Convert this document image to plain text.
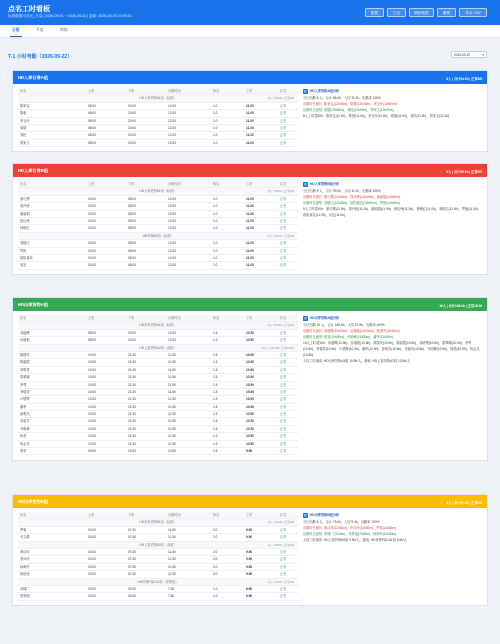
点名工时看板
标准数据可导出_分量 | 2026-09-01 ~ 2026-09-22 | 更新: 2026-09-23 10:00:21
配置	日志	刷新数据	撤销	导出 CSV
日班	月度	明细
T-1 小时考勤（2026-09-22）	2026-09-22	▾
HD入库日常A组	8人 | 合计94.0h | 正常8/8
姓名	上班	下班	出勤时间	休息	工时	状态
HD入库货物A1组（标准）	6人 | 66.0h | 正常6/6
陈家宝	08:00	20:00	12.00	1.0	11.00	正常
陈豪	08:00	20:00	12.00	1.0	11.00	正常
李玉叶	08:00	20:00	12.00	1.0	11.00	正常
梁德	08:00	20:00	12.00	1.0	11.00	正常
刘民	08:00	20:00	12.00	1.0	11.00	正常
郑家文	08:00	20:00	12.00	1.0	11.00	正常
▥ HD入库货物A组分析
当日出勤 8 人，合计 66.0h，人均 11.0h，出勤率 100%
出勤时长最长: 陈家宝(12h00m)、陈豪(12h00m)、李玉叶(12h00m)
出勤时长最短: 梁德(12h00m)、刘民(12h00m)、郑家文(12h00m)
8人工时超10h：陈家宝(11.0h)、陈豪(11.0h)、李玉叶(11.0h)、梁德(11.0h)、刘民(11.0h)、郑家文(11.0h)
HD入库日常B组	9人 | 合计99.0h | 正常9/9
姓名	上班	下班	出勤时间	休息	工时	状态
HD入库货物B1组（标准）	5人 | 55.0h | 正常5/5
夏巧慧	20:00	08:00	12.00	1.0	11.00	正常
周丹婷	20:00	08:00	12.00	1.0	11.00	正常
谢丽娟	20:00	08:00	12.00	1.0	11.00	正常
张佳炜	20:00	08:00	12.00	1.0	11.00	正常
钟峻红	20:00	08:00	12.00	1.0	11.00	正常
HD货物B2组（标准）	4人 | 44.0h | 正常4/4
刘德江	20:00	08:00	12.00	1.0	11.00	正常
罗艳	20:00	08:00	12.00	1.0	11.00	正常
欧阳嘉花	20:00	08:00	12.00	1.0	11.00	正常
吴宏	20:00	08:00	12.00	1.0	11.00	正常
▥ HD入库货物B组分析
当日出勤 9 人，合计 99.0h，人均 11.0h，出勤率 100%
出勤时长最长: 夏巧慧(12h00m)、周丹婷(12h00m)、谢丽娟(12h00m)
出勤时长最短: 刘德江(12h00m)、欧阳嘉花(12h00m)、罗艳(12h00m)
9人工时超10h：夏巧慧(11.0h)、周丹婷(11.0h)、谢丽娟(11.0h)、张佳炜(11.0h)、钟峻红(11.0h)、刘德江(11.0h)、罗艳(11.0h)、欧阳嘉花(11.0h)、吴宏(11.0h)
HD出库货物A组	16人 | 合计168.0h | 正常16/16
姓名	上班	下班	出勤时间	休息	工时	状态
HD出库货物A1组（标准）	2人 | 20.5h | 正常2/2
刘道辉	08:00	20:00	12.00	1.5	10.50	正常
孙瑞艳	08:00	20:00	12.00	1.5	10.50	正常
HD上架货物A2组（双班）	14人 | 147.5h | 正常14/14
陈国安	10:00	21:30	11.50	1.5	10.50	正常
陈丽霞	10:00	21:30	11.50	1.5	10.50	正常
邓明贤	10:00	21:30	11.50	1.5	10.50	正常
蒙翠娜	10:00	21:30	11.50	1.5	10.50	正常
李琴	10:00	21:30	11.50	1.5	10.50	正常
李德祥	10:00	21:30	11.50	1.5	10.50	正常
卢德辉	10:00	21:30	11.50	1.5	10.50	正常
潘军	10:00	21:30	11.50	1.5	10.50	正常
彭明杰	10:00	21:30	11.50	1.5	10.50	正常
宋丽芳	10:00	21:30	11.50	1.5	10.50	正常
韦明峰	10:00	21:30	11.50	1.5	10.50	正常
杨美	10:00	21:30	11.50	1.5	10.50	正常
杨金龙	10:00	21:30	11.50	1.5	10.50	正常
张宽	09:00	19:30	10.50	1.5	9.50	正常
▥ HD出库货物A组分析
当日出勤 16 人，合计 168.0h，人均 10.5h，出勤率 100%
出勤时长最长: 刘道辉(12h00m)、孙瑞艳(12h00m)、陈国安(11h30m)
出勤时长最短: 张宽(10h30m)、韦明峰(11h30m)、潘军(11h30m)
15人工时超10h：刘道辉(10.5h)、孙瑞艳(10.5h)、陈国安(10.5h)、陈丽霞(10.5h)、邓明贤(10.5h)、蒙翠娜(10.5h)、李琴(10.5h)、李德祥(10.5h)、卢德辉(10.5h)、潘军(10.5h)、彭明杰(10.5h)、宋丽芳(10.5h)、韦明峰(10.5h)、杨美(10.5h)、杨金龙(10.5h)
人均工时最高: HD出库货物A1组 10.5h/人，最低: HD上架货物A2组 10.5h/人
HD出库货物B组	6人 | 合计51.0h | 正常6/6
姓名	上班	下班	出勤时间	休息	工时	状态
HD出库货物B1组（标准）	2人 | 19.0h | 正常2/2
罗蓉	20:00	07:30	11.50	2.0	9.50	正常
韦文倩	20:00	07:30	11.50	2.0	9.50	正常
HD上架货物B2组（双班）	2人 | 19.0h | 正常2/2
黄洁萍	20:00	07:30	11.50	2.0	9.50	正常
李凤玲	20:00	07:30	11.50	2.0	9.50	正常
杨海玲	20:00	07:30	11.50	2.0	9.50	正常
杨欣欣	20:00	07:30	11.50	2.0	9.50	正常
HD货物PQCA1组（常规班）	2人 | 13.0h | 正常2/2
邓锦广	20:00	03:30	7.50	1.0	6.50	正常
张梦丽	20:00	03:30	7.50	1.0	6.50	正常
▥ HD出库货物B组分析
当日出勤 8 人，合计 75.0h，人均 9.4h，出勤率 100%
出勤时长最长: 黄洁萍(11h30m)、李凤玲(11h30m)、罗蓉(11h30m)
出勤时长最短: 邓锦广(7h30m)、张梦丽(7h30m)、杨海玲(11h30m)
人均工时最高: HD上架货物B2组 9.5h/人，最低: HD货物PQCA1组 6.5h/人
